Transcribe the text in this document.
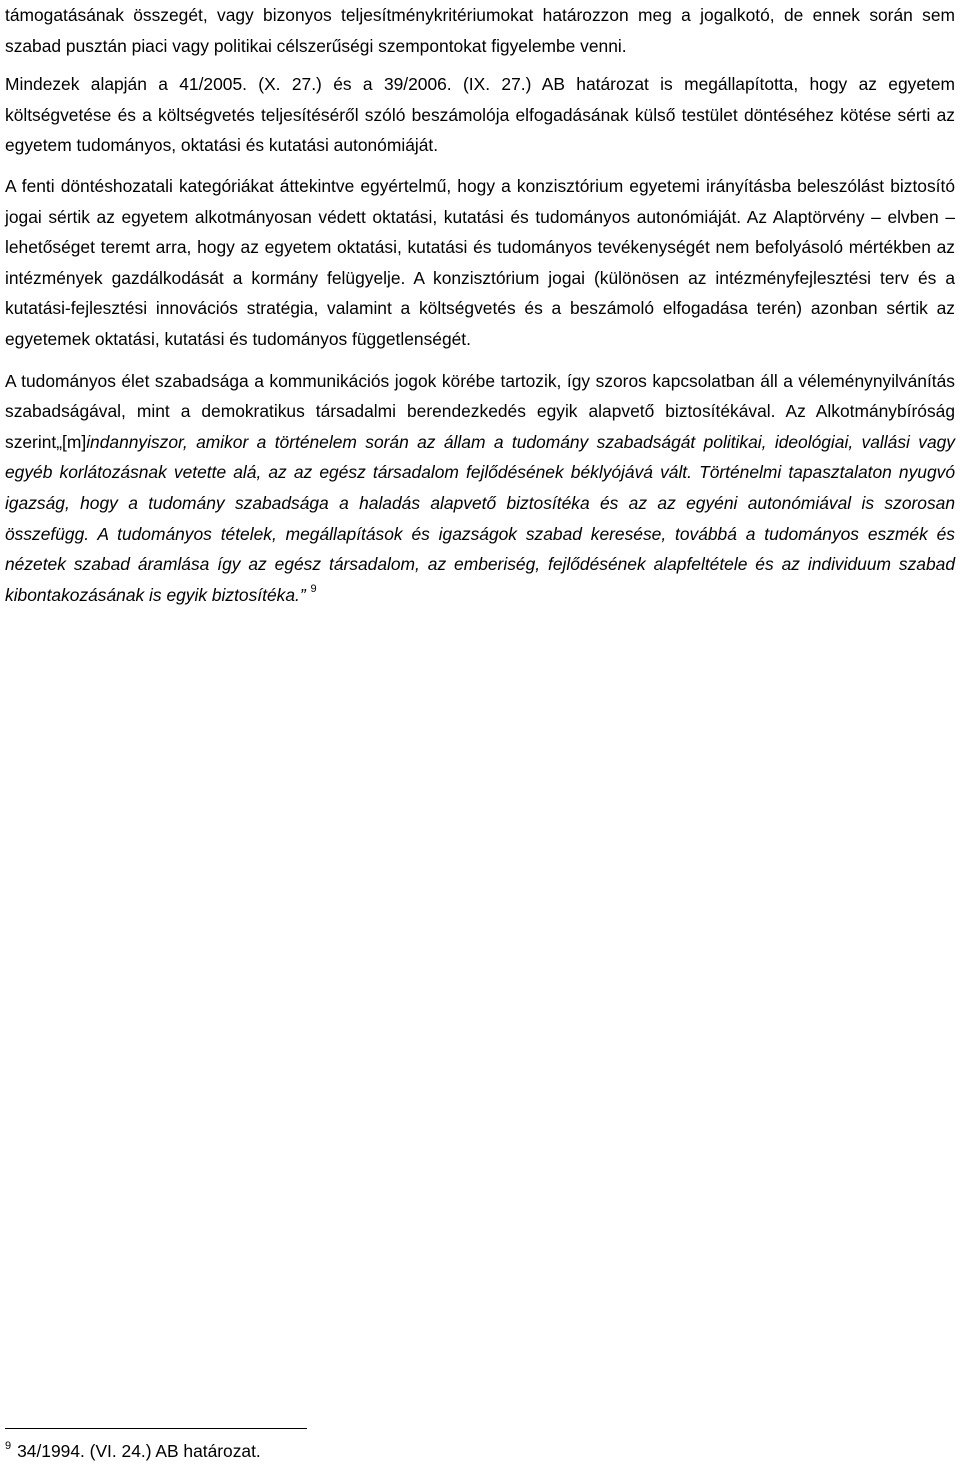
támogatásának összegét, vagy bizonyos teljesítménykritériumokat határozzon meg a jogalkotó, de ennek során sem szabad pusztán piaci vagy politikai célszerűségi szempontokat figyelembe venni.

Mindezek alapján a 41/2005. (X. 27.) és a 39/2006. (IX. 27.) AB határozat is megállapította, hogy az egyetem költségvetése és a költségvetés teljesítéséről szóló beszámolója elfogadásának külső testület döntéséhez kötése sérti az egyetem tudományos, oktatási és kutatási autonómiáját.

A fenti döntéshozatali kategóriákat áttekintve egyértelmű, hogy a konzisztórium egyetemi irányításba beleszólást biztosító jogai sértik az egyetem alkotmányosan védett oktatási, kutatási és tudományos autonómiáját. Az Alaptörvény – elvben – lehetőséget teremt arra, hogy az egyetem oktatási, kutatási és tudományos tevékenységét nem befolyásoló mértékben az intézmények gazdálkodását a kormány felügyelje. A konzisztórium jogai (különösen az intézményfejlesztési terv és a kutatási-fejlesztési innovációs stratégia, valamint a költségvetés és a beszámoló elfogadása terén) azonban sértik az egyetemek oktatási, kutatási és tudományos függetlenségét.

A tudományos élet szabadsága a kommunikációs jogok körébe tartozik, így szoros kapcsolatban áll a véleménynyilvánítás szabadságával, mint a demokratikus társadalmi berendezkedés egyik alapvető biztosítékával. Az Alkotmánybíróság szerint„[m]indannyiszor, amikor a történelem során az állam a tudomány szabadságát politikai, ideológiai, vallási vagy egyéb korlátozásnak vetette alá, az az egész társadalom fejlődésének béklyójává vált. Történelmi tapasztalaton nyugvó igazság, hogy a tudomány szabadsága a haladás alapvető biztosítéka és az az egyéni autonómiával is szorosan összefügg. A tudományos tételek, megállapítások és igazságok szabad keresése, továbbá a tudományos eszmék és nézetek szabad áramlása így az egész társadalom, az emberiség, fejlődésének alapfeltétele és az individuum szabad kibontakozásának is egyik biztosítéka.” $^9$

$^9$ 34/1994. (VI. 24.) AB határozat.
